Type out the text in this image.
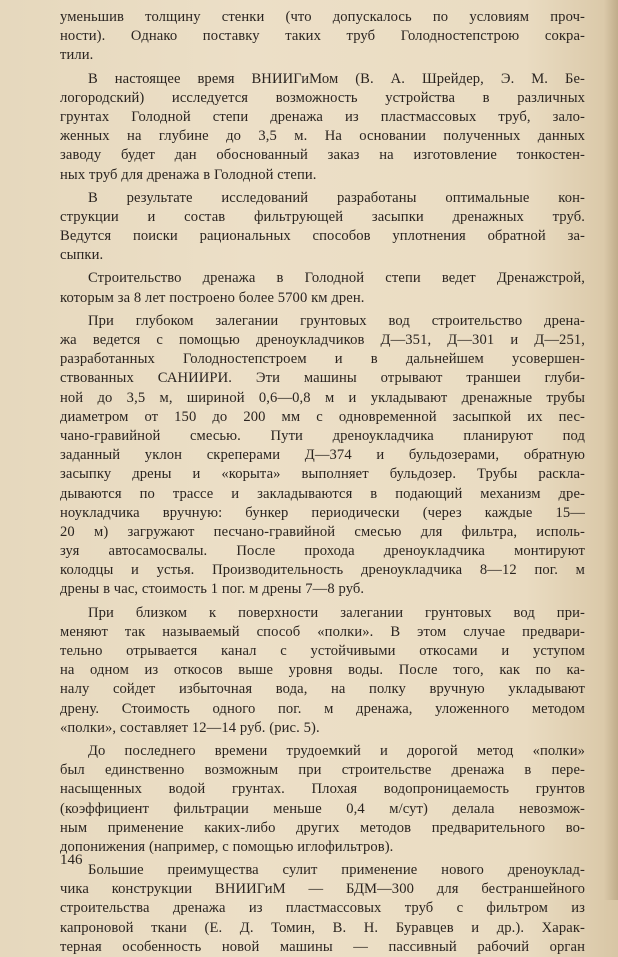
уменьшив толщину стенки (что допускалось по условиям проч-
ности). Однако поставку таких труб Голодностепстрою сокра-
тили.
В настоящее время ВНИИГиМом (В. А. Шрейдер, Э. М. Бе-
логородский) исследуется возможность устройства в различных
грунтах Голодной степи дренажа из пластмассовых труб, зало-
женных на глубине до 3,5 м. На основании полученных данных
заводу будет дан обоснованный заказ на изготовление тонкостен-
ных труб для дренажа в Голодной степи.
В результате исследований разработаны оптимальные кон-
струкции и состав фильтрующей засыпки дренажных труб.
Ведутся поиски рациональных способов уплотнения обратной за-
сыпки.
Строительство дренажа в Голодной степи ведет Дренажстрой,
которым за 8 лет построено более 5700 км дрен.
При глубоком залегании грунтовых вод строительство дрена-
жа ведется с помощью дреноукладчиков Д—351, Д—301 и Д—251,
разработанных Голодностепстроем и в дальнейшем усовершен-
ствованных САНИИРИ. Эти машины отрывают траншеи глуби-
ной до 3,5 м, шириной 0,6—0,8 м и укладывают дренажные трубы
диаметром от 150 до 200 мм с одновременной засыпкой их пес-
чано-гравийной смесью. Пути дреноукладчика планируют под
заданный уклон скреперами Д—374 и бульдозерами, обратную
засыпку дрены и «корыта» выполняет бульдозер. Трубы раскла-
дываются по трассе и закладываются в подающий механизм дре-
ноукладчика вручную: бункер периодически (через каждые 15—
20 м) загружают песчано-гравийной смесью для фильтра, исполь-
зуя автосамосвалы. После прохода дреноукладчика монтируют
колодцы и устья. Производительность дреноукладчика 8—12 пог. м
дрены в час, стоимость 1 пог. м дрены 7—8 руб.
При близком к поверхности залегании грунтовых вод при-
меняют так называемый способ «полки». В этом случае предвари-
тельно отрывается канал с устойчивыми откосами и уступом
на одном из откосов выше уровня воды. После того, как по ка-
налу сойдет избыточная вода, на полку вручную укладывают
дрену. Стоимость одного пог. м дренажа, уложенного методом
«полки», составляет 12—14 руб. (рис. 5).
До последнего времени трудоемкий и дорогой метод «полки»
был единственно возможным при строительстве дренажа в пере-
насыщенных водой грунтах. Плохая водопроницаемость грунтов
(коэффициент фильтрации меньше 0,4 м/сут) делала невозмож-
ным применение каких-либо других методов предварительного во-
допонижения (например, с помощью иглофильтров).
Большие преимущества сулит применение нового дреноуклад-
чика конструкции ВНИИГиМ — БДМ—300 для бестраншейного
строительства дренажа из пластмассовых труб с фильтром из
капроновой ткани (Е. Д. Томин, В. Н. Буравцев и др.). Харак-
терная особенность новой машины — пассивный рабочий орган
146
